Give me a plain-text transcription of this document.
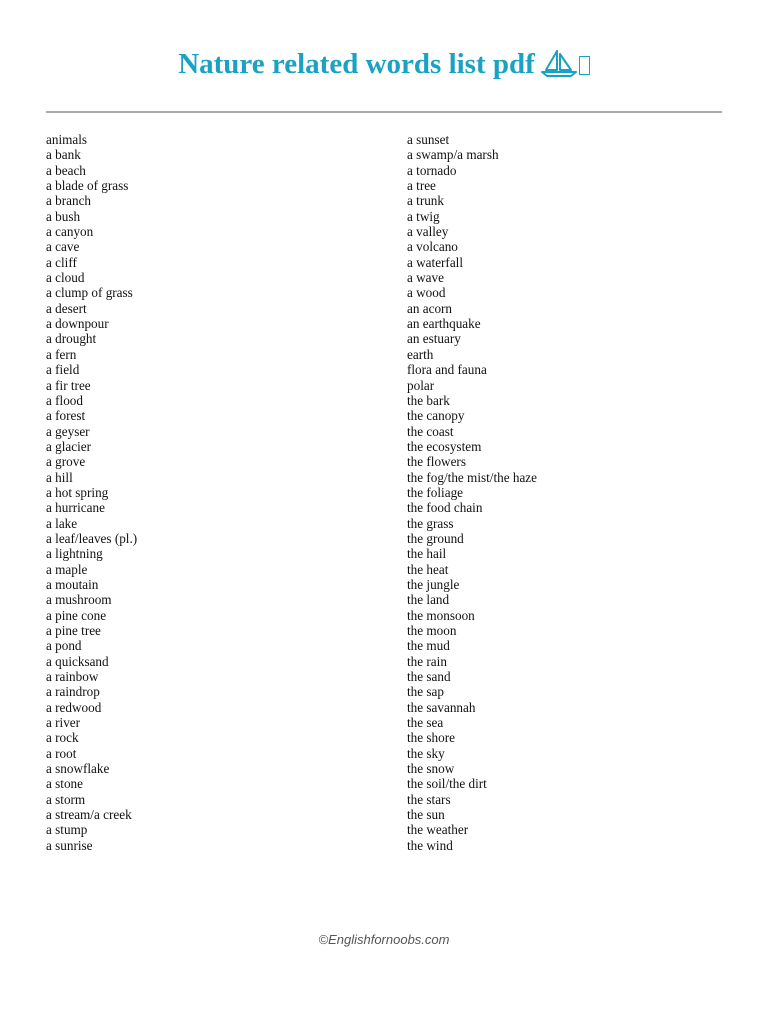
Nature related words list pdf
animals
a bank
a beach
a blade of grass
a branch
a bush
a canyon
a cave
a cliff
a cloud
a clump of grass
a desert
a downpour
a drought
a fern
a field
a fir tree
a flood
a forest
a geyser
a glacier
a grove
a hill
a hot spring
a hurricane
a lake
a leaf/leaves (pl.)
a lightning
a maple
a moutain
a mushroom
a pine cone
a pine tree
a pond
a quicksand
a rainbow
a raindrop
a redwood
a river
a rock
a root
a snowflake
a stone
a storm
a stream/a creek
a stump
a sunrise
a sunset
a swamp/a marsh
a tornado
a tree
a trunk
a twig
a valley
a volcano
a waterfall
a wave
a wood
an acorn
an earthquake
an estuary
earth
flora and fauna
polar
the bark
the canopy
the coast
the ecosystem
the flowers
the fog/the mist/the haze
the foliage
the food chain
the grass
the ground
the hail
the heat
the jungle
the land
the monsoon
the moon
the mud
the rain
the sand
the sap
the savannah
the sea
the shore
the sky
the snow
the soil/the dirt
the stars
the sun
the weather
the wind
©Englishfornoobs.com
